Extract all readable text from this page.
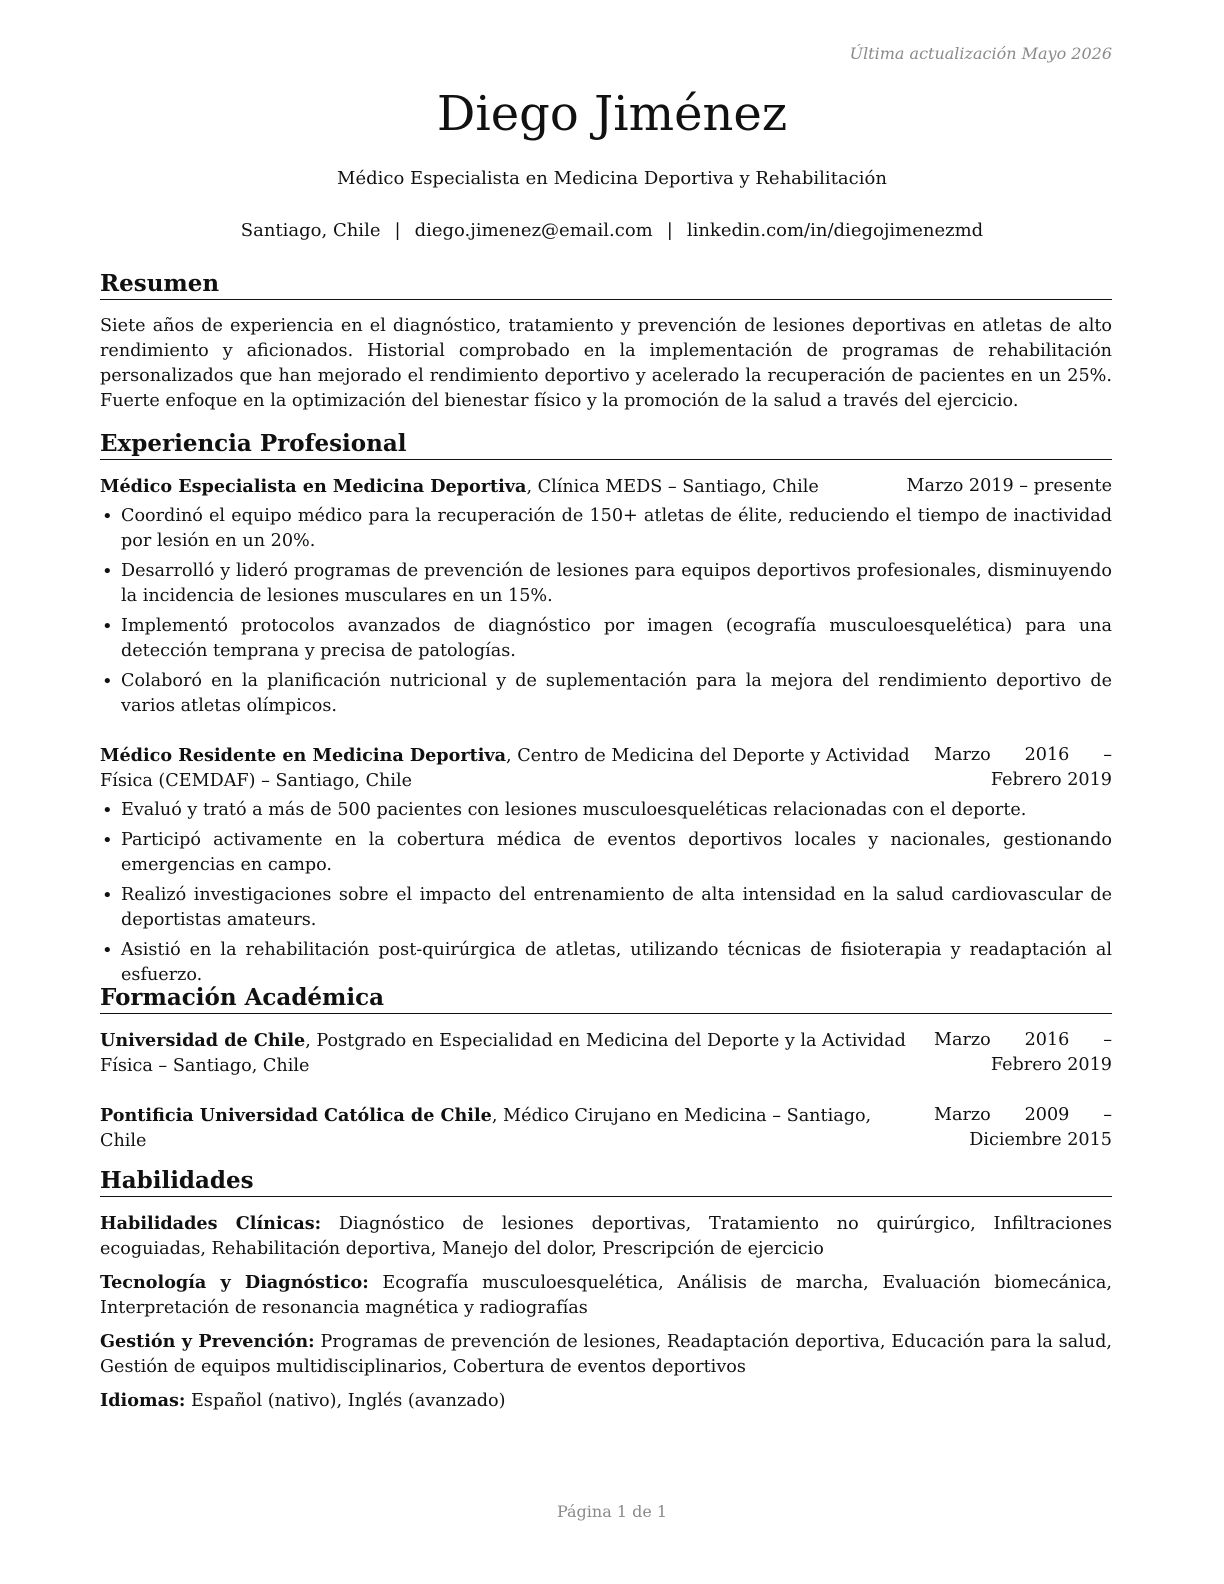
Última actualización Mayo 2026
Diego Jiménez
Médico Especialista en Medicina Deportiva y Rehabilitación
Santiago, Chile | diego.jimenez@email.com | linkedin.com/in/diegojimenezmd
Resumen

Siete años de experiencia en el diagnóstico, tratamiento y prevención de lesiones deportivas en atletas de alto rendimiento y aficionados. Historial comprobado en la implementación de programas de rehabilitación personalizados que han mejorado el rendimiento deportivo y acelerado la recuperación de pacientes en un 25%. Fuerte enfoque en la optimización del bienestar físico y la promoción de la salud a través del ejercicio.

Experiencia Profesional
Médico Especialista en Medicina Deportiva, Clínica MEDS – Santiago, Chile	Marzo 2019 – presente
• Coordinó el equipo médico para la recuperación de 150+ atletas de élite, reduciendo el tiempo de inactividad por lesión en un 20%.
• Desarrolló y lideró programas de prevención de lesiones para equipos deportivos profesionales, disminuyendo la incidencia de lesiones musculares en un 15%.
• Implementó protocolos avanzados de diagnóstico por imagen (ecografía musculoesquelética) para una detección temprana y precisa de patologías.
• Colaboró en la planificación nutricional y de suplementación para la mejora del rendimiento deportivo de varios atletas olímpicos.
Médico Residente en Medicina Deportiva, Centro de Medicina del Deporte y Actividad Física (CEMDAF) – Santiago, Chile
Marzo 2016 – Febrero 2019
• Evaluó y trató a más de 500 pacientes con lesiones musculoesqueléticas relacionadas con el deporte.
• Participó activamente en la cobertura médica de eventos deportivos locales y nacionales, gestionando emergencias en campo.
• Realizó investigaciones sobre el impacto del entrenamiento de alta intensidad en la salud cardiovascular de deportistas amateurs.
• Asistió en la rehabilitación post-quirúrgica de atletas, utilizando técnicas de fisioterapia y readaptación al esfuerzo.
Formación Académica
Universidad de Chile, Postgrado en Especialidad en Medicina del Deporte y la Actividad Física – Santiago, Chile
Marzo 2016 – Febrero 2019
Pontificia Universidad Católica de Chile, Médico Cirujano en Medicina – Santiago, Chile
Marzo 2009 – Diciembre 2015
Habilidades
Habilidades Clínicas: Diagnóstico de lesiones deportivas, Tratamiento no quirúrgico, Infiltraciones ecoguiadas, Rehabilitación deportiva, Manejo del dolor, Prescripción de ejercicio
Tecnología y Diagnóstico: Ecografía musculoesquelética, Análisis de marcha, Evaluación biomecánica, Interpretación de resonancia magnética y radiografías
Gestión y Prevención: Programas de prevención de lesiones, Readaptación deportiva, Educación para la salud, Gestión de equipos multidisciplinarios, Cobertura de eventos deportivos
Idiomas: Español (nativo), Inglés (avanzado)
Página 1 de 1
